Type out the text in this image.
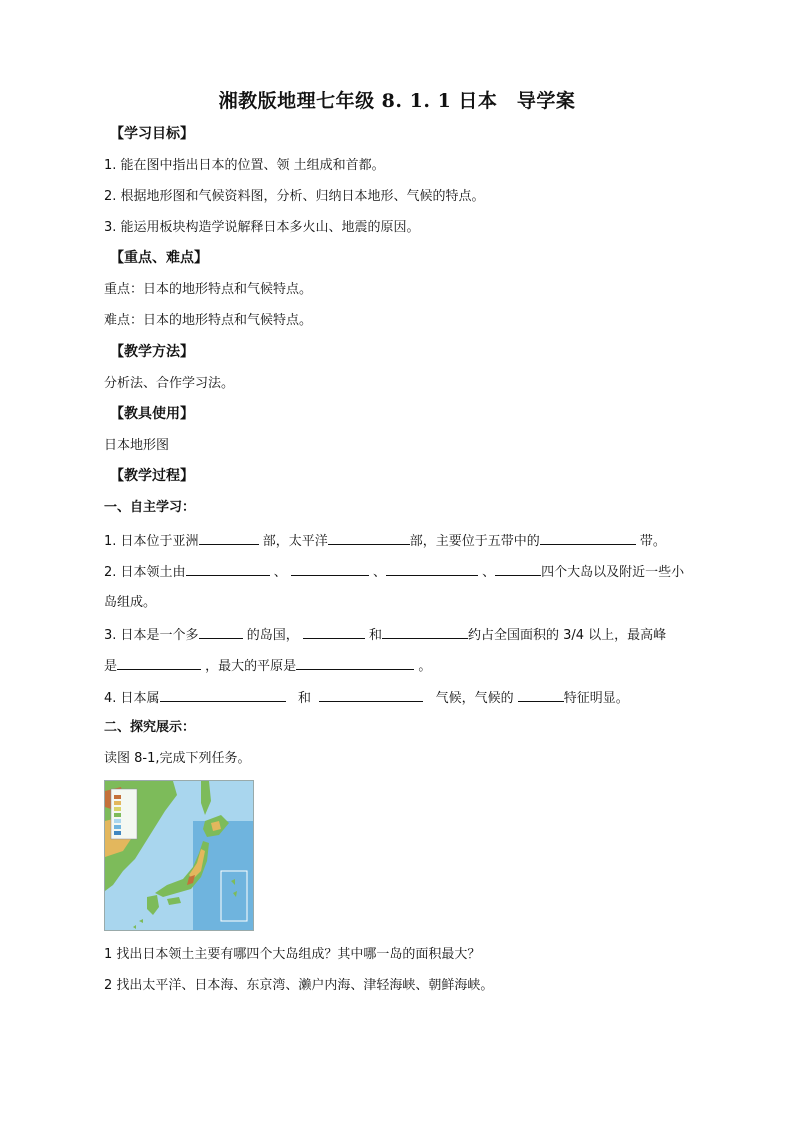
湘教版地理七年级 8. 1. 1 日本　导学案
【学习目标】
1. 能在图中指出日本的位置、领 土组成和首都。
2. 根据地形图和气候资料图，分析、归纳日本地形、气候的特点。
3. 能运用板块构造学说解释日本多火山、地震的原因。
【重点、难点】
重点：日本的地形特点和气候特点。
难点：日本的地形特点和气候特点。
【教学方法】
分析法、合作学习法。
【教具使用】
日本地形图
【教学过程】
一、自主学习：
1. 日本位于亚洲	部，太平洋	部，主要位于五带中的	带。
2. 日本领土由	、	、	、	四个大岛以及附近一些小
岛组成。
3. 日本是一个多	的岛国，	和	约占全国面积的 3/4 以上，最高峰
是	，最大的平原是	。
4. 日本属	和	气候，气候的	特征明显。
二、探究展示：
读图 8-1,完成下列任务。
1 找出日本领土主要有哪四个大岛组成？其中哪一岛的面积最大？
2 找出太平洋、日本海、东京湾、濑户内海、津轻海峡、朝鲜海峡。
